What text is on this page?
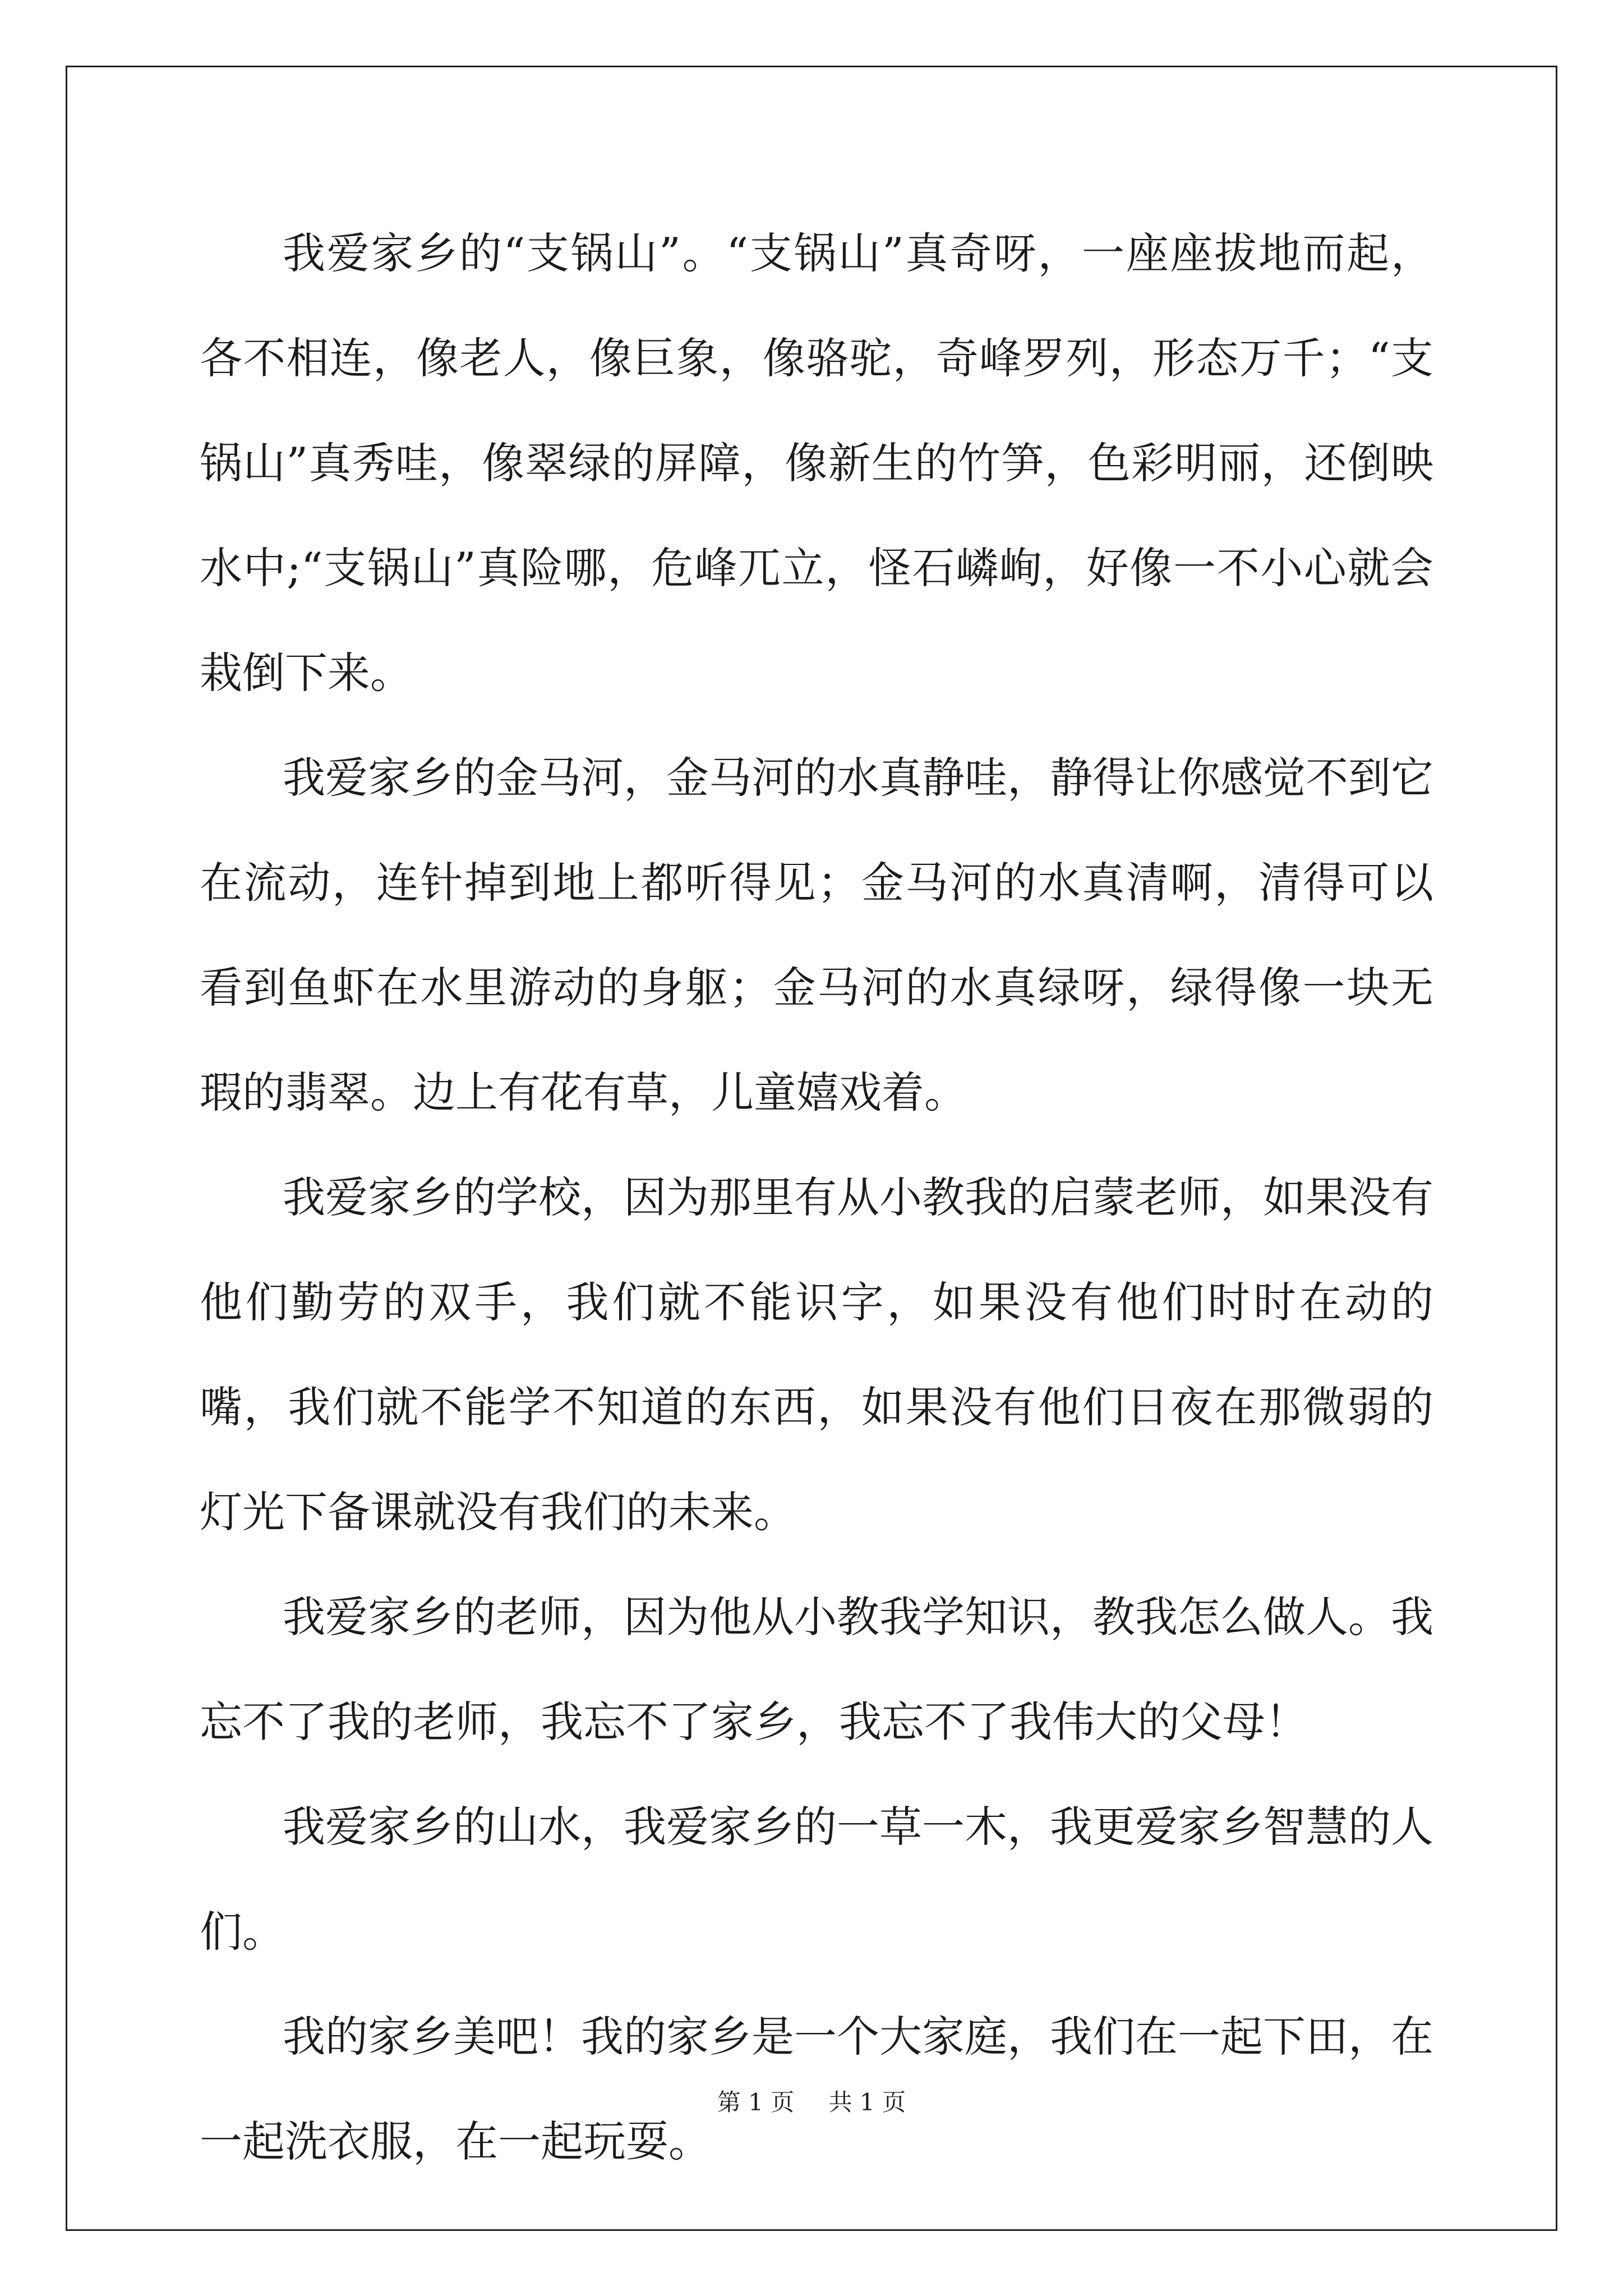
我爱家乡的“支锅山”。“支锅山”真奇呀，一座座拔地而起，各不相连，像老人，像巨象，像骆驼，奇峰罗列，形态万千；“支锅山”真秀哇，像翠绿的屏障，像新生的竹笋，色彩明丽，还倒映水中;“支锅山”真险哪，危峰兀立，怪石嶙峋，好像一不小心就会栽倒下来。

我爱家乡的金马河，金马河的水真静哇，静得让你感觉不到它在流动，连针掉到地上都听得见；金马河的水真清啊，清得可以看到鱼虾在水里游动的身躯；金马河的水真绿呀，绿得像一块无瑕的翡翠。边上有花有草，儿童嬉戏着。

我爱家乡的学校，因为那里有从小教我的启蒙老师，如果没有他们勤劳的双手，我们就不能识字，如果没有他们时时在动的嘴，我们就不能学不知道的东西，如果没有他们日夜在那微弱的灯光下备课就没有我们的未来。

我爱家乡的老师，因为他从小教我学知识，教我怎么做人。我忘不了我的老师，我忘不了家乡，我忘不了我伟大的父母！

我爱家乡的山水，我爱家乡的一草一木，我更爱家乡智慧的人们。

我的家乡美吧！我的家乡是一个大家庭，我们在一起下田，在一起洗衣服，在一起玩耍。

第 1 页 共 1 页
